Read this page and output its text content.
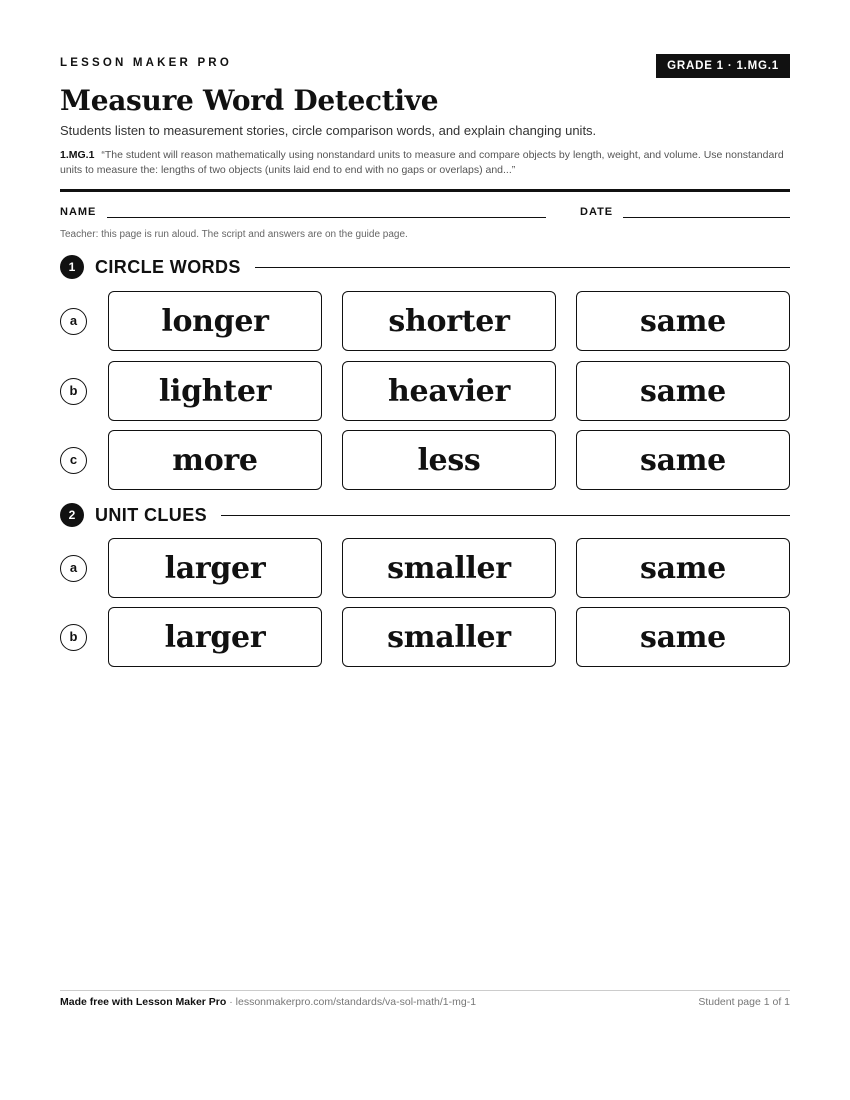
LESSON MAKER PRO	GRADE 1 · 1.MG.1
Measure Word Detective
Students listen to measurement stories, circle comparison words, and explain changing units.
1.MG.1 “The student will reason mathematically using nonstandard units to measure and compare objects by length, weight, and volume. Use nonstandard units to measure the: lengths of two objects (units laid end to end with no gaps or overlaps) and...”
NAME	DATE
Teacher: this page is run aloud. The script and answers are on the guide page.
1	CIRCLE WORDS
a	longer	shorter	same
b	lighter	heavier	same
c	more	less	same
2	UNIT CLUES
a	larger	smaller	same
b	larger	smaller	same
Made free with Lesson Maker Pro · lessonmakerpro.com/standards/va-sol-math/1-mg-1	Student page 1 of 1
